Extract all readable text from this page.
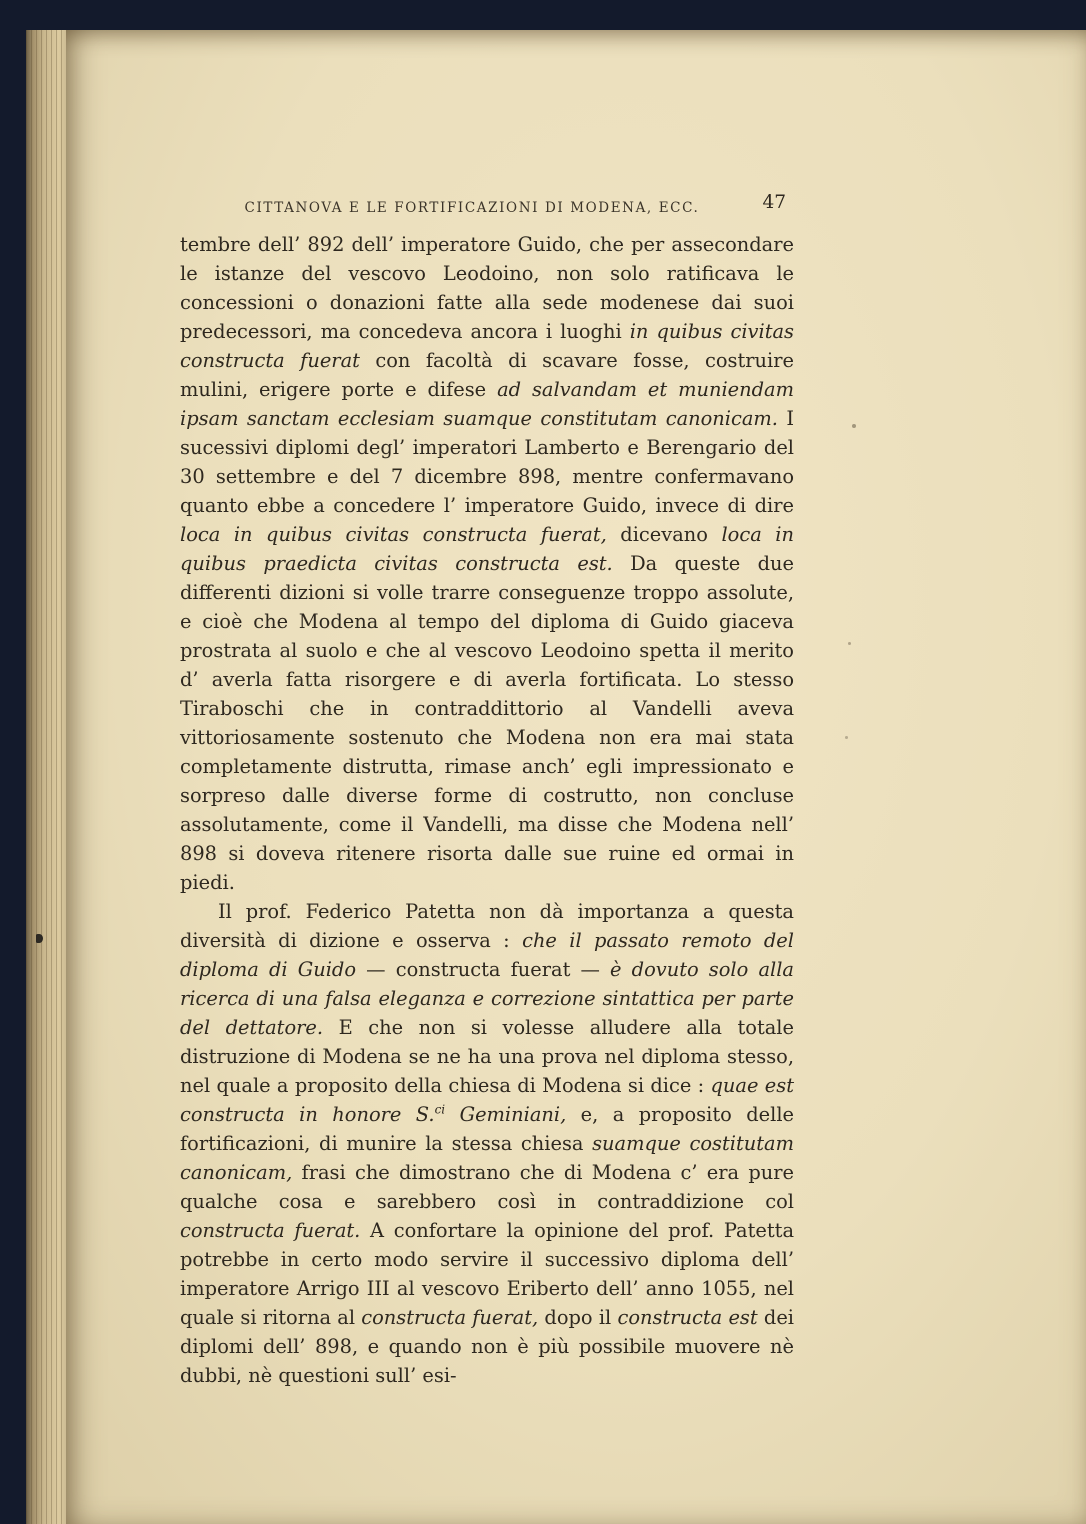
CITTANOVA E LE FORTIFICAZIONI DI MODENA, ECC.	47

tembre dell’ 892 dell’ imperatore Guido, che per assecondare le istanze del vescovo Leodoino, non solo ratificava le concessioni o donazioni fatte alla sede modenese dai suoi predecessori, ma concedeva ancora i luoghi in quibus civitas constructa fuerat con facoltà di scavare fosse, costruire mulini, erigere porte e difese ad salvandam et muniendam ipsam sanctam ecclesiam suamque constitutam canonicam. I sucessivi diplomi degl’ imperatori Lamberto e Berengario del 30 settembre e del 7 dicembre 898, mentre confermavano quanto ebbe a concedere l’ imperatore Guido, invece di dire loca in quibus civitas constructa fuerat, dicevano loca in quibus praedicta civitas constructa est. Da queste due differenti dizioni si volle trarre conseguenze troppo assolute, e cioè che Modena al tempo del diploma di Guido giaceva prostrata al suolo e che al vescovo Leodoino spetta il merito d’ averla fatta risorgere e di averla fortificata. Lo stesso Tiraboschi che in contraddittorio al Vandelli aveva vittoriosamente sostenuto che Modena non era mai stata completamente distrutta, rimase anch’ egli impressionato e sorpreso dalle diverse forme di costrutto, non concluse assolutamente, come il Vandelli, ma disse che Modena nell’ 898 si doveva ritenere risorta dalle sue ruine ed ormai in piedi.

Il prof. Federico Patetta non dà importanza a questa diversità di dizione e osserva : che il passato remoto del diploma di Guido — constructa fuerat — è dovuto solo alla ricerca di una falsa eleganza e correzione sintattica per parte del dettatore. E che non si volesse alludere alla totale distruzione di Modena se ne ha una prova nel diploma stesso, nel quale a proposito della chiesa di Modena si dice : quae est constructa in honore S.$^{ci}$ Geminiani, e, a proposito delle fortificazioni, di munire la stessa chiesa suamque costitutam canonicam, frasi che dimostrano che di Modena c’ era pure qualche cosa e sarebbero così in contraddizione col constructa fuerat. A confortare la opinione del prof. Patetta potrebbe in certo modo servire il successivo diploma dell’ imperatore Arrigo III al vescovo Eriberto dell’ anno 1055, nel quale si ritorna al constructa fuerat, dopo il constructa est dei diplomi dell’ 898, e quando non è più possibile muovere nè dubbi, nè questioni sull’ esi-
